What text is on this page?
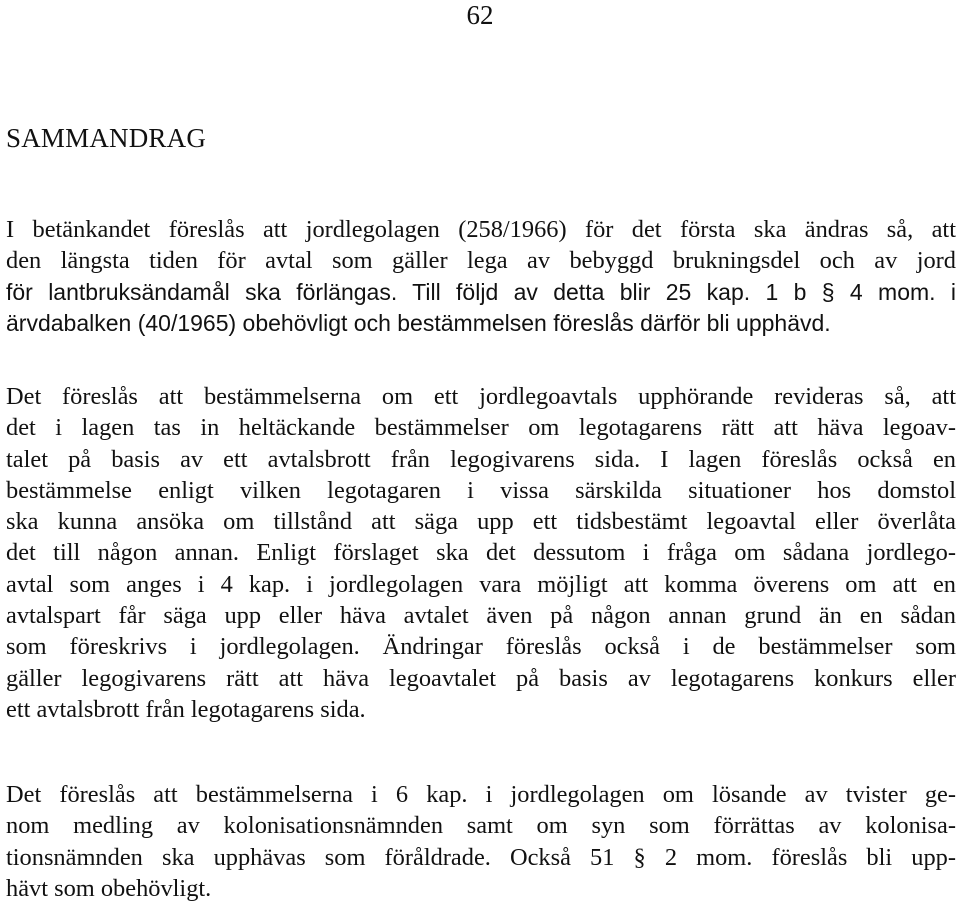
62
SAMMANDRAG
I betänkandet föreslås att jordlegolagen (258/1966) för det första ska ändras så, att
den längsta tiden för avtal som gäller lega av bebyggd brukningsdel och av jord
för lantbruksändamål ska förlängas. Till följd av detta blir 25 kap. 1 b § 4 mom. i
ärvdabalken (40/1965) obehövligt och bestämmelsen föreslås därför bli upphävd.
Det föreslås att bestämmelserna om ett jordlegoavtals upphörande revideras så, att
det i lagen tas in heltäckande bestämmelser om legotagarens rätt att häva legoav-
talet på basis av ett avtalsbrott från legogivarens sida. I lagen föreslås också en
bestämmelse enligt vilken legotagaren i vissa särskilda situationer hos domstol
ska kunna ansöka om tillstånd att säga upp ett tidsbestämt legoavtal eller överlåta
det till någon annan. Enligt förslaget ska det dessutom i fråga om sådana jordlego-
avtal som anges i 4 kap. i jordlegolagen vara möjligt att komma överens om att en
avtalspart får säga upp eller häva avtalet även på någon annan grund än en sådan
som föreskrivs i jordlegolagen. Ändringar föreslås också i de bestämmelser som
gäller legogivarens rätt att häva legoavtalet på basis av legotagarens konkurs eller
ett avtalsbrott från legotagarens sida.
Det föreslås att bestämmelserna i 6 kap. i jordlegolagen om lösande av tvister ge-
nom medling av kolonisationsnämnden samt om syn som förrättas av kolonisa-
tionsnämnden ska upphävas som föråldrade. Också 51 § 2 mom. föreslås bli upp-
hävt som obehövligt.
